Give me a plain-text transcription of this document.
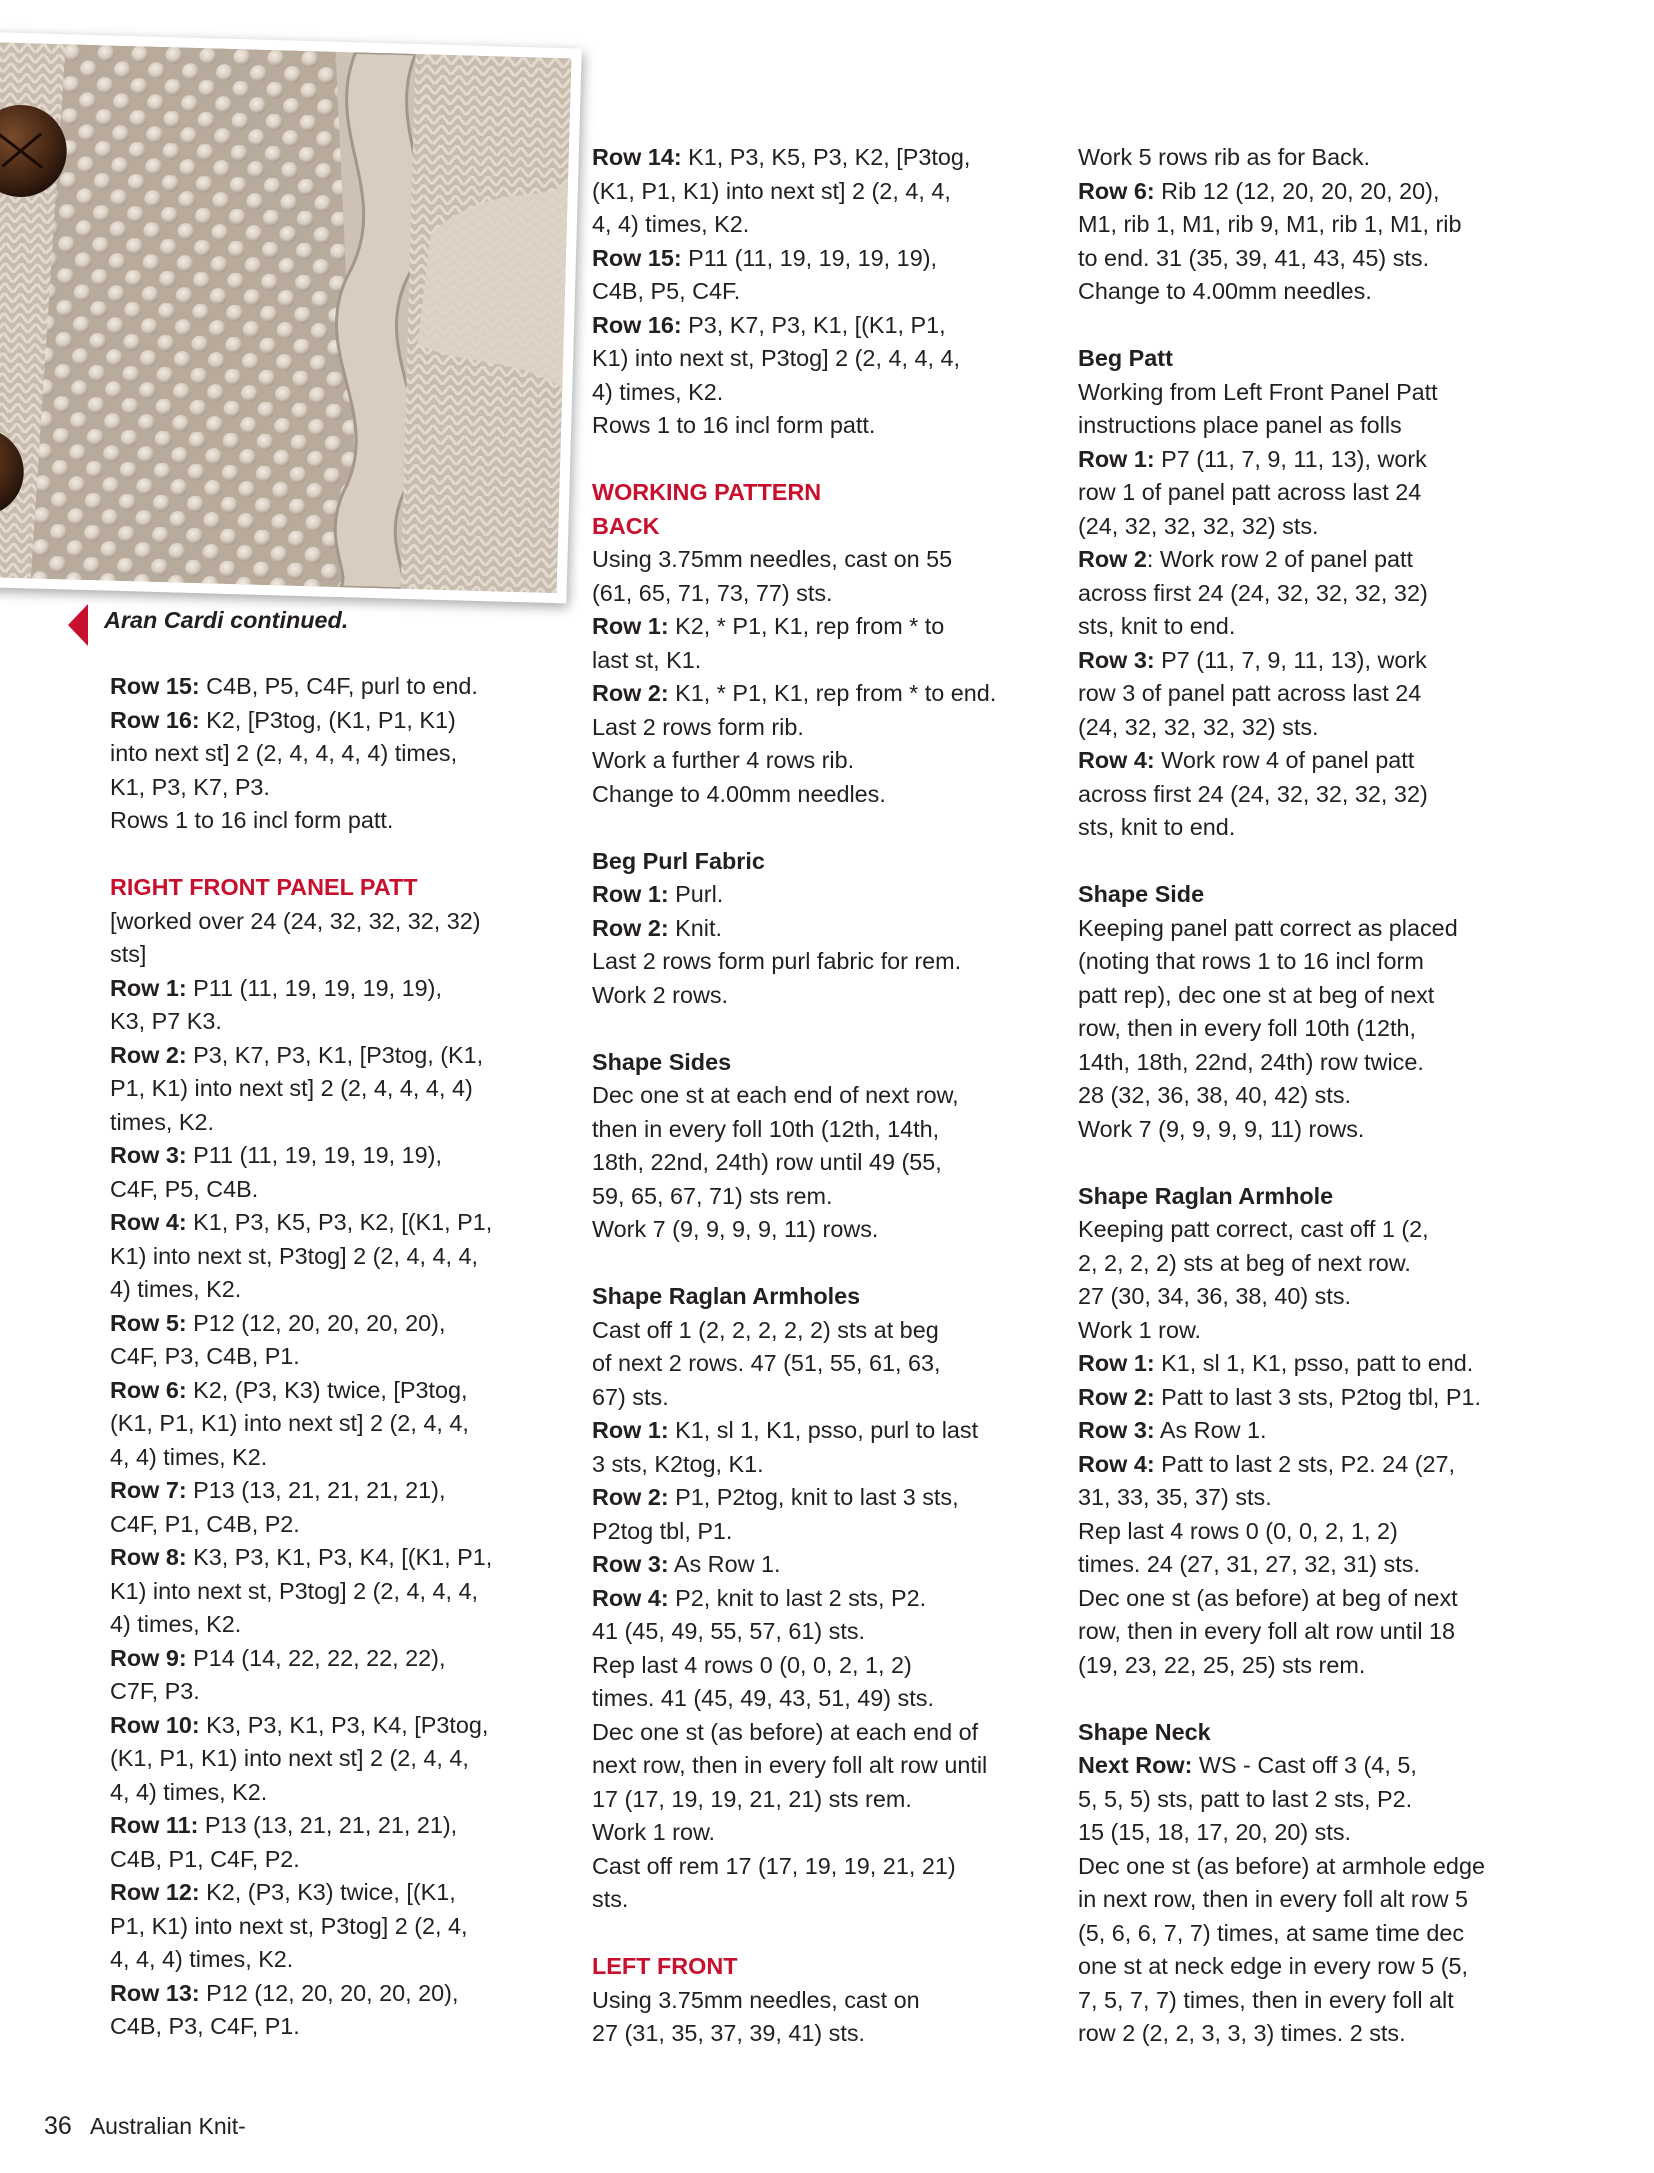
Aran Cardi continued.

Row 15: C4B, P5, C4F, purl to end.

Row 16: K2, [P3tog, (K1, P1, K1)

into next st] 2 (2, 4, 4, 4, 4) times,

K1, P3, K7, P3.

Rows 1 to 16 incl form patt.

RIGHT FRONT PANEL PATT

[worked over 24 (24, 32, 32, 32, 32)

sts]

Row 1: P11 (11, 19, 19, 19, 19),

K3, P7 K3.

Row 2: P3, K7, P3, K1, [P3tog, (K1,

P1, K1) into next st] 2 (2, 4, 4, 4, 4)

times, K2.

Row 3: P11 (11, 19, 19, 19, 19),

C4F, P5, C4B.

Row 4: K1, P3, K5, P3, K2, [(K1, P1,

K1) into next st, P3tog] 2 (2, 4, 4, 4,

4) times, K2.

Row 5: P12 (12, 20, 20, 20, 20),

C4F, P3, C4B, P1.

Row 6: K2, (P3, K3) twice, [P3tog,

(K1, P1, K1) into next st] 2 (2, 4, 4,

4, 4) times, K2.

Row 7: P13 (13, 21, 21, 21, 21),

C4F, P1, C4B, P2.

Row 8: K3, P3, K1, P3, K4, [(K1, P1,

K1) into next st, P3tog] 2 (2, 4, 4, 4,

4) times, K2.

Row 9: P14 (14, 22, 22, 22, 22),

C7F, P3.

Row 10: K3, P3, K1, P3, K4, [P3tog,

(K1, P1, K1) into next st] 2 (2, 4, 4,

4, 4) times, K2.

Row 11: P13 (13, 21, 21, 21, 21),

C4B, P1, C4F, P2.

Row 12: K2, (P3, K3) twice, [(K1,

P1, K1) into next st, P3tog] 2 (2, 4,

4, 4, 4) times, K2.

Row 13: P12 (12, 20, 20, 20, 20),

C4B, P3, C4F, P1.

Row 14: K1, P3, K5, P3, K2, [P3tog,

(K1, P1, K1) into next st] 2 (2, 4, 4,

4, 4) times, K2.

Row 15: P11 (11, 19, 19, 19, 19),

C4B, P5, C4F.

Row 16: P3, K7, P3, K1, [(K1, P1,

K1) into next st, P3tog] 2 (2, 4, 4, 4,

4) times, K2.

Rows 1 to 16 incl form patt.

WORKING PATTERN

BACK

Using 3.75mm needles, cast on 55

(61, 65, 71, 73, 77) sts.

Row 1: K2, * P1, K1, rep from * to

last st, K1.

Row 2: K1, * P1, K1, rep from * to end.

Last 2 rows form rib.

Work a further 4 rows rib.

Change to 4.00mm needles.

Beg Purl Fabric

Row 1: Purl.

Row 2: Knit.

Last 2 rows form purl fabric for rem.

Work 2 rows.

Shape Sides

Dec one st at each end of next row,

then in every foll 10th (12th, 14th,

18th, 22nd, 24th) row until 49 (55,

59, 65, 67, 71) sts rem.

Work 7 (9, 9, 9, 9, 11) rows.

Shape Raglan Armholes

Cast off 1 (2, 2, 2, 2, 2) sts at beg

of next 2 rows. 47 (51, 55, 61, 63,

67) sts.

Row 1: K1, sl 1, K1, psso, purl to last

3 sts, K2tog, K1.

Row 2: P1, P2tog, knit to last 3 sts,

P2tog tbl, P1.

Row 3: As Row 1.

Row 4: P2, knit to last 2 sts, P2.

41 (45, 49, 55, 57, 61) sts.

Rep last 4 rows 0 (0, 0, 2, 1, 2)

times. 41 (45, 49, 43, 51, 49) sts.

Dec one st (as before) at each end of

next row, then in every foll alt row until

17 (17, 19, 19, 21, 21) sts rem.

Work 1 row.

Cast off rem 17 (17, 19, 19, 21, 21)

sts.

LEFT FRONT

Using 3.75mm needles, cast on

27 (31, 35, 37, 39, 41) sts.

Work 5 rows rib as for Back.

Row 6: Rib 12 (12, 20, 20, 20, 20),

M1, rib 1, M1, rib 9, M1, rib 1, M1, rib

to end. 31 (35, 39, 41, 43, 45) sts.

Change to 4.00mm needles.

Beg Patt

Working from Left Front Panel Patt

instructions place panel as folls

Row 1: P7 (11, 7, 9, 11, 13), work

row 1 of panel patt across last 24

(24, 32, 32, 32, 32) sts.

Row 2: Work row 2 of panel patt

across first 24 (24, 32, 32, 32, 32)

sts, knit to end.

Row 3: P7 (11, 7, 9, 11, 13), work

row 3 of panel patt across last 24

(24, 32, 32, 32, 32) sts.

Row 4: Work row 4 of panel patt

across first 24 (24, 32, 32, 32, 32)

sts, knit to end.

Shape Side

Keeping panel patt correct as placed

(noting that rows 1 to 16 incl form

patt rep), dec one st at beg of next

row, then in every foll 10th (12th,

14th, 18th, 22nd, 24th) row twice.

28 (32, 36, 38, 40, 42) sts.

Work 7 (9, 9, 9, 9, 11) rows.

Shape Raglan Armhole

Keeping patt correct, cast off 1 (2,

2, 2, 2, 2) sts at beg of next row.

27 (30, 34, 36, 38, 40) sts.

Work 1 row.

Row 1: K1, sl 1, K1, psso, patt to end.

Row 2: Patt to last 3 sts, P2tog tbl, P1.

Row 3: As Row 1.

Row 4: Patt to last 2 sts, P2. 24 (27,

31, 33, 35, 37) sts.

Rep last 4 rows 0 (0, 0, 2, 1, 2)

times. 24 (27, 31, 27, 32, 31) sts.

Dec one st (as before) at beg of next

row, then in every foll alt row until 18

(19, 23, 22, 25, 25) sts rem.

Shape Neck

Next Row: WS - Cast off 3 (4, 5,

5, 5, 5) sts, patt to last 2 sts, P2.

15 (15, 18, 17, 20, 20) sts.

Dec one st (as before) at armhole edge

in next row, then in every foll alt row 5

(5, 6, 6, 7, 7) times, at same time dec

one st at neck edge in every row 5 (5,

7, 5, 7, 7) times, then in every foll alt

row 2 (2, 2, 3, 3, 3) times. 2 sts.

36 Australian Knit-
